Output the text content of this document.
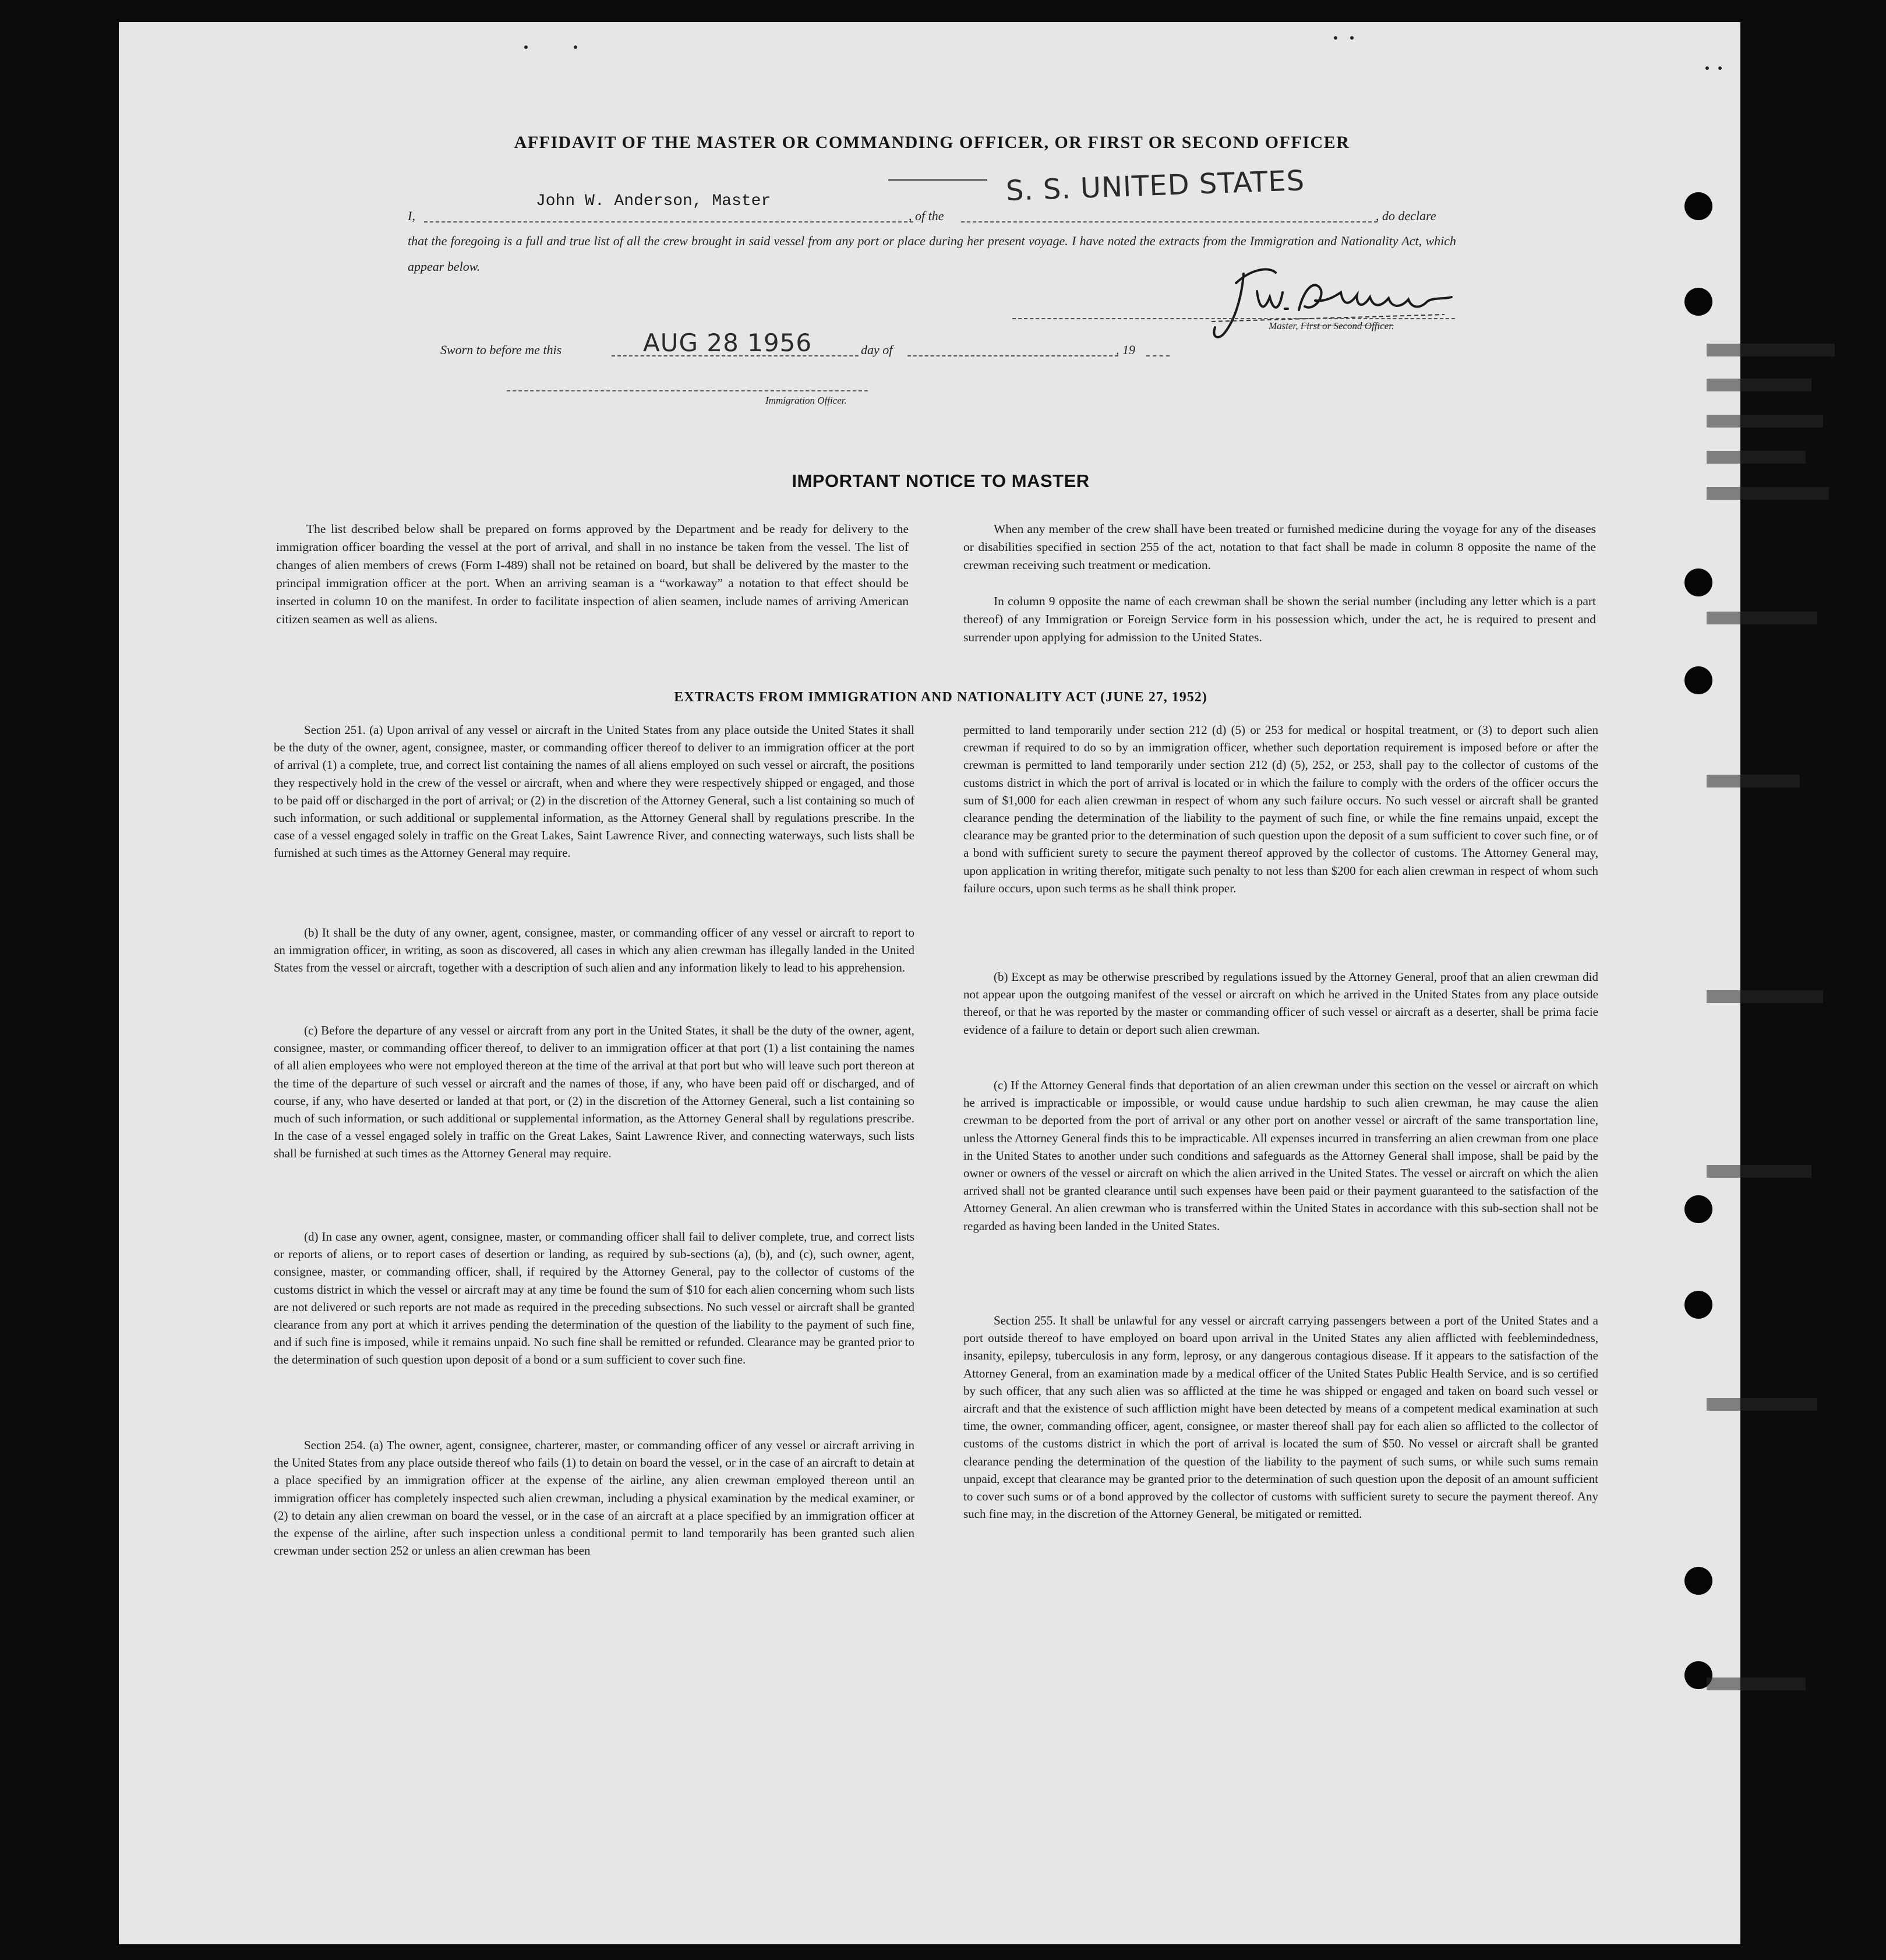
AFFIDAVIT OF THE MASTER OR COMMANDING OFFICER, OR FIRST OR SECOND OFFICER
I,
John W. Anderson, Master
, of the
S. S. UNITED STATES
, do declare
that the foregoing is a full and true list of all the crew brought in said vessel from any port or place during her present voyage. I have noted the extracts from the Immigration and Nationality Act, which appear below.
Master, First or Second Officer.
Sworn to before me this	AUG 28 1956	day of	, 19
Immigration Officer.
IMPORTANT NOTICE TO MASTER

The list described below shall be prepared on forms approved by the Department and be ready for delivery to the immigration officer boarding the vessel at the port of arrival, and shall in no instance be taken from the vessel. The list of changes of alien members of crews (Form I-489) shall not be retained on board, but shall be delivered by the master to the principal immigration officer at the port. When an arriving seaman is a “workaway” a notation to that effect should be inserted in column 10 on the manifest. In order to facilitate inspection of alien seamen, include names of arriving American citizen seamen as well as aliens.

When any member of the crew shall have been treated or furnished medicine during the voyage for any of the diseases or disabilities specified in section 255 of the act, notation to that fact shall be made in column 8 opposite the name of the crewman receiving such treatment or medication.

In column 9 opposite the name of each crewman shall be shown the serial number (including any letter which is a part thereof) of any Immigration or Foreign Service form in his possession which, under the act, he is required to present and surrender upon applying for admission to the United States.

EXTRACTS FROM IMMIGRATION AND NATIONALITY ACT (JUNE 27, 1952)

Section 251. (a) Upon arrival of any vessel or aircraft in the United States from any place outside the United States it shall be the duty of the owner, agent, consignee, master, or commanding officer thereof to deliver to an immigration officer at the port of arrival (1) a complete, true, and correct list containing the names of all aliens employed on such vessel or aircraft, the positions they respectively hold in the crew of the vessel or aircraft, when and where they were respectively shipped or engaged, and those to be paid off or discharged in the port of arrival; or (2) in the discretion of the Attorney General, such a list containing so much of such information, or such additional or supplemental information, as the Attorney General shall by regulations prescribe. In the case of a vessel engaged solely in traffic on the Great Lakes, Saint Lawrence River, and connecting waterways, such lists shall be furnished at such times as the Attorney General may require.

(b) It shall be the duty of any owner, agent, consignee, master, or commanding officer of any vessel or aircraft to report to an immigration officer, in writing, as soon as discovered, all cases in which any alien crewman has illegally landed in the United States from the vessel or aircraft, together with a description of such alien and any information likely to lead to his apprehension.

(c) Before the departure of any vessel or aircraft from any port in the United States, it shall be the duty of the owner, agent, consignee, master, or commanding officer thereof, to deliver to an immigration officer at that port (1) a list containing the names of all alien employees who were not employed thereon at the time of the arrival at that port but who will leave such port thereon at the time of the departure of such vessel or aircraft and the names of those, if any, who have been paid off or discharged, and of course, if any, who have deserted or landed at that port, or (2) in the discretion of the Attorney General, such a list containing so much of such information, or such additional or supplemental information, as the Attorney General shall by regulations prescribe. In the case of a vessel engaged solely in traffic on the Great Lakes, Saint Lawrence River, and connecting waterways, such lists shall be furnished at such times as the Attorney General may require.

(d) In case any owner, agent, consignee, master, or commanding officer shall fail to deliver complete, true, and correct lists or reports of aliens, or to report cases of desertion or landing, as required by sub-sections (a), (b), and (c), such owner, agent, consignee, master, or commanding officer, shall, if required by the Attorney General, pay to the collector of customs of the customs district in which the vessel or aircraft may at any time be found the sum of $10 for each alien concerning whom such lists are not delivered or such reports are not made as required in the preceding subsections. No such vessel or aircraft shall be granted clearance from any port at which it arrives pending the determination of the question of the liability to the payment of such fine, and if such fine is imposed, while it remains unpaid. No such fine shall be remitted or refunded. Clearance may be granted prior to the determination of such question upon deposit of a bond or a sum sufficient to cover such fine.

Section 254. (a) The owner, agent, consignee, charterer, master, or commanding officer of any vessel or aircraft arriving in the United States from any place outside thereof who fails (1) to detain on board the vessel, or in the case of an aircraft to detain at a place specified by an immigration officer at the expense of the airline, any alien crewman employed thereon until an immigration officer has completely inspected such alien crewman, including a physical examination by the medical examiner, or (2) to detain any alien crewman on board the vessel, or in the case of an aircraft at a place specified by an immigration officer at the expense of the airline, after such inspection unless a conditional permit to land temporarily has been granted such alien crewman under section 252 or unless an alien crewman has been

permitted to land temporarily under section 212 (d) (5) or 253 for medical or hospital treatment, or (3) to deport such alien crewman if required to do so by an immigration officer, whether such deportation requirement is imposed before or after the crewman is permitted to land temporarily under section 212 (d) (5), 252, or 253, shall pay to the collector of customs of the customs district in which the port of arrival is located or in which the failure to comply with the orders of the officer occurs the sum of $1,000 for each alien crewman in respect of whom any such failure occurs. No such vessel or aircraft shall be granted clearance pending the determination of the liability to the payment of such fine, or while the fine remains unpaid, except the clearance may be granted prior to the determination of such question upon the deposit of a sum sufficient to cover such fine, or of a bond with sufficient surety to secure the payment thereof approved by the collector of customs. The Attorney General may, upon application in writing therefor, mitigate such penalty to not less than $200 for each alien crewman in respect of whom such failure occurs, upon such terms as he shall think proper.

(b) Except as may be otherwise prescribed by regulations issued by the Attorney General, proof that an alien crewman did not appear upon the outgoing manifest of the vessel or aircraft on which he arrived in the United States from any place outside thereof, or that he was reported by the master or commanding officer of such vessel or aircraft as a deserter, shall be prima facie evidence of a failure to detain or deport such alien crewman.

(c) If the Attorney General finds that deportation of an alien crewman under this section on the vessel or aircraft on which he arrived is impracticable or impossible, or would cause undue hardship to such alien crewman, he may cause the alien crewman to be deported from the port of arrival or any other port on another vessel or aircraft of the same transportation line, unless the Attorney General finds this to be impracticable. All expenses incurred in transferring an alien crewman from one place in the United States to another under such conditions and safeguards as the Attorney General shall impose, shall be paid by the owner or owners of the vessel or aircraft on which the alien arrived in the United States. The vessel or aircraft on which the alien arrived shall not be granted clearance until such expenses have been paid or their payment guaranteed to the satisfaction of the Attorney General. An alien crewman who is transferred within the United States in accordance with this sub-section shall not be regarded as having been landed in the United States.

Section 255. It shall be unlawful for any vessel or aircraft carrying passengers between a port of the United States and a port outside thereof to have employed on board upon arrival in the United States any alien afflicted with feeblemindedness, insanity, epilepsy, tuberculosis in any form, leprosy, or any dangerous contagious disease. If it appears to the satisfaction of the Attorney General, from an examination made by a medical officer of the United States Public Health Service, and is so certified by such officer, that any such alien was so afflicted at the time he was shipped or engaged and taken on board such vessel or aircraft and that the existence of such affliction might have been detected by means of a competent medical examination at such time, the owner, commanding officer, agent, consignee, or master thereof shall pay for each alien so afflicted to the collector of customs of the customs district in which the port of arrival is located the sum of $50. No vessel or aircraft shall be granted clearance pending the determination of the question of the liability to the payment of such sums, or while such sums remain unpaid, except that clearance may be granted prior to the determination of such question upon the deposit of an amount sufficient to cover such sums or of a bond approved by the collector of customs with sufficient surety to secure the payment thereof. Any such fine may, in the discretion of the Attorney General, be mitigated or remitted.
